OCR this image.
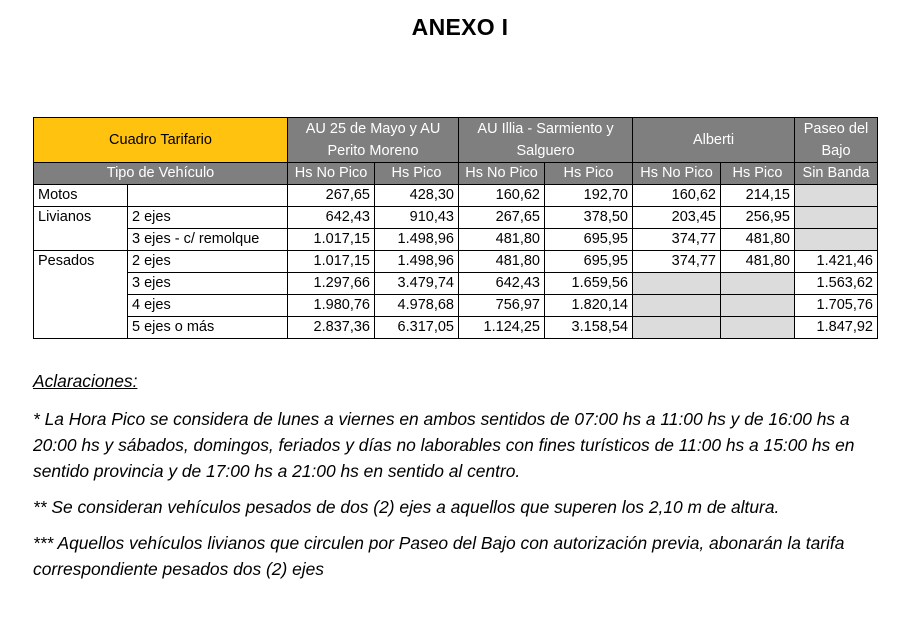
ANEXO I
Cuadro Tarifario		AU 25 de Mayo y AU Perito Moreno		AU Illia - Sarmiento y Salguero		Alberti		Paseo del Bajo
Tipo de Vehículo		Hs No Pico	Hs Pico	Hs No Pico	Hs Pico	Hs No Pico	Hs Pico	Sin Banda
Motos		267,65	428,30	160,62	192,70	160,62	214,15	
Livianos	2 ejes	642,43	910,43	267,65	378,50	203,45	256,95	
	3 ejes - c/ remolque	1.017,15	1.498,96	481,80	695,95	374,77	481,80	
Pesados	2 ejes	1.017,15	1.498,96	481,80	695,95	374,77	481,80	1.421,46
	3 ejes	1.297,66	3.479,74	642,43	1.659,56			1.563,62
	4 ejes	1.980,76	4.978,68	756,97	1.820,14			1.705,76
	5 ejes o más	2.837,36	6.317,05	1.124,25	3.158,54			1.847,92

Aclaraciones:

* La Hora Pico se considera de lunes a viernes en ambos sentidos de 07:00 hs a 11:00 hs y de 16:00 hs a 20:00 hs y sábados, domingos, feriados y días no laborables con fines turísticos de 11:00 hs a 15:00 hs en sentido provincia y de 17:00 hs a 21:00 hs en sentido al centro.

** Se consideran vehículos pesados de dos (2) ejes a aquellos que superen los 2,10 m de altura.

*** Aquellos vehículos livianos que circulen por Paseo del Bajo con autorización previa, abonarán la tarifa correspondiente pesados dos (2) ejes
